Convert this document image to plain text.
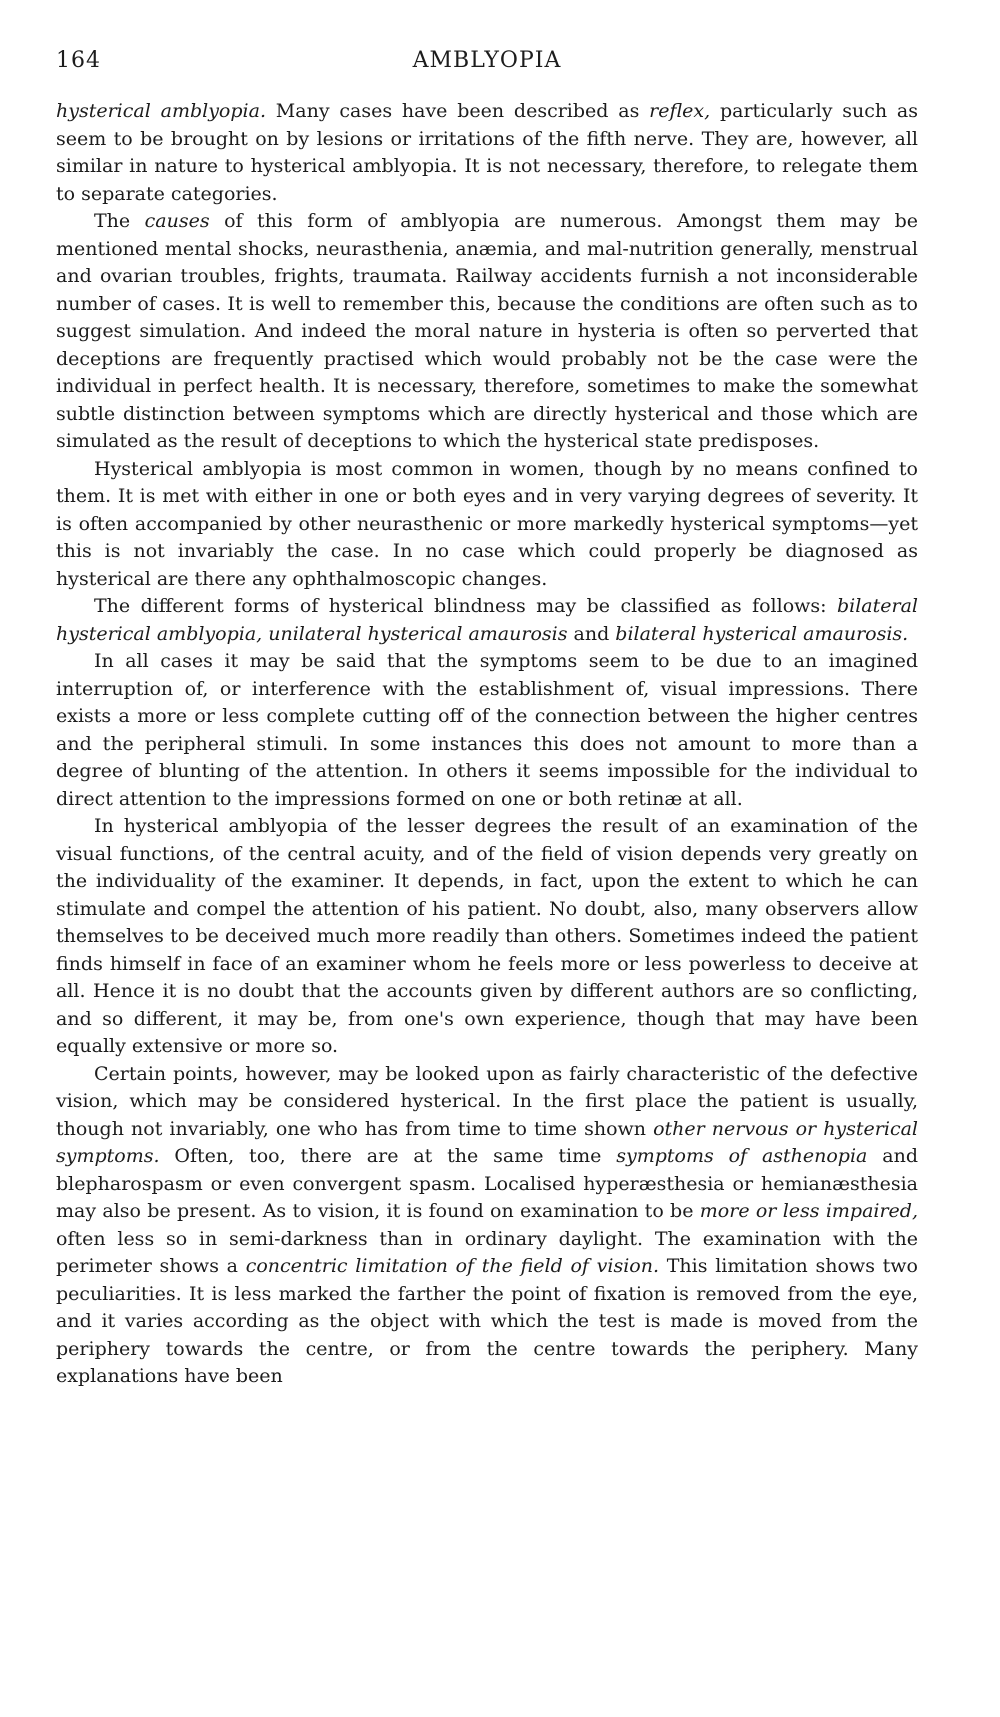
164	AMBLYOPIA

hysterical amblyopia. Many cases have been described as reflex, particularly such as seem to be brought on by lesions or irritations of the fifth nerve. They are, however, all similar in nature to hysterical amblyopia. It is not necessary, therefore, to relegate them to separate categories.

The causes of this form of amblyopia are numerous. Amongst them may be mentioned mental shocks, neurasthenia, anæmia, and mal-nutrition generally, menstrual and ovarian troubles, frights, traumata. Railway accidents furnish a not inconsiderable number of cases. It is well to remember this, because the conditions are often such as to suggest simulation. And indeed the moral nature in hysteria is often so perverted that deceptions are frequently practised which would probably not be the case were the individual in perfect health. It is necessary, therefore, sometimes to make the somewhat subtle distinction between symptoms which are directly hysterical and those which are simulated as the result of deceptions to which the hysterical state predisposes.

Hysterical amblyopia is most common in women, though by no means confined to them. It is met with either in one or both eyes and in very varying degrees of severity. It is often accompanied by other neurasthenic or more markedly hysterical symptoms—yet this is not invariably the case. In no case which could properly be diagnosed as hysterical are there any ophthalmoscopic changes.

The different forms of hysterical blindness may be classified as follows: bilateral hysterical amblyopia, unilateral hysterical amaurosis and bilateral hysterical amaurosis.

In all cases it may be said that the symptoms seem to be due to an imagined interruption of, or interference with the establishment of, visual impressions. There exists a more or less complete cutting off of the connection between the higher centres and the peripheral stimuli. In some instances this does not amount to more than a degree of blunting of the attention. In others it seems impossible for the individual to direct attention to the impressions formed on one or both retinæ at all.

In hysterical amblyopia of the lesser degrees the result of an examination of the visual functions, of the central acuity, and of the field of vision depends very greatly on the individuality of the examiner. It depends, in fact, upon the extent to which he can stimulate and compel the attention of his patient. No doubt, also, many observers allow themselves to be deceived much more readily than others. Sometimes indeed the patient finds himself in face of an examiner whom he feels more or less powerless to deceive at all. Hence it is no doubt that the accounts given by different authors are so conflicting, and so different, it may be, from one's own experience, though that may have been equally extensive or more so.

Certain points, however, may be looked upon as fairly characteristic of the defective vision, which may be considered hysterical. In the first place the patient is usually, though not invariably, one who has from time to time shown other nervous or hysterical symptoms. Often, too, there are at the same time symptoms of asthenopia and blepharospasm or even convergent spasm. Localised hyperæsthesia or hemianæsthesia may also be present. As to vision, it is found on examination to be more or less impaired, often less so in semi-darkness than in ordinary daylight. The examination with the perimeter shows a concentric limitation of the field of vision. This limitation shows two peculiarities. It is less marked the farther the point of fixation is removed from the eye, and it varies according as the object with which the test is made is moved from the periphery towards the centre, or from the centre towards the periphery. Many explanations have been
